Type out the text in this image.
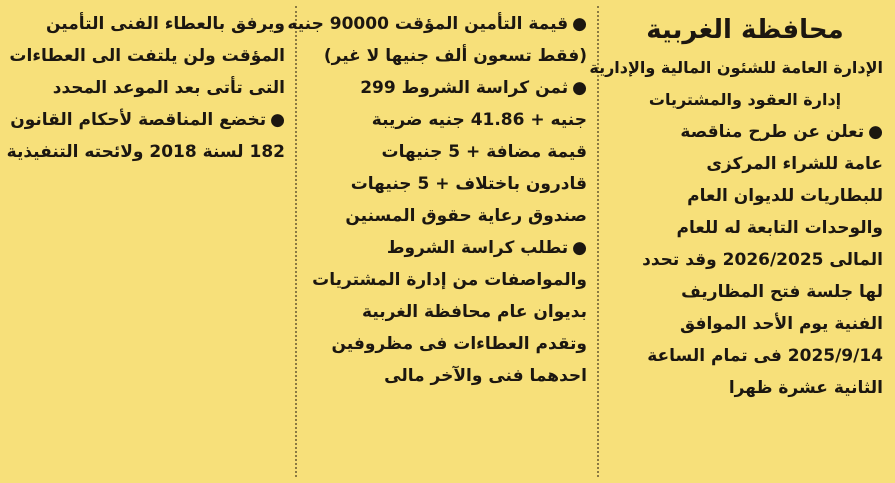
محافظة الغربية
الإدارة العامة للشئون المالية والإدارية
إدارة العقود والمشتريات
●تعلن عن طرح مناقصة
عامة للشراء المركزى
للبطاريات للديوان العام
والوحدات التابعة له للعام
المالى 2026/2025 وقد تحدد
لها جلسة فتح المظاريف
الفنية يوم الأحد الموافق
2025/9/14 فى تمام الساعة
الثانية عشرة ظهرا
●قيمة التأمين المؤقت 90000 جنيه
(فقط تسعون ألف جنيها لا غير)
●ثمن كراسة الشروط 299
جنيه + 41.86 جنيه ضريبة
قيمة مضافة + 5 جنيهات
قادرون باختلاف + 5 جنيهات
صندوق رعاية حقوق المسنين
●تطلب كراسة الشروط
والمواصفات من إدارة المشتريات
بديوان عام محافظة الغربية
وتقدم العطاءات فى مظروفين
احدهما فنى والآخر مالى
ويرفق بالعطاء الفنى التأمين
المؤقت ولن يلتفت الى العطاءات
التى تأتى بعد الموعد المحدد
●تخضع المناقصة لأحكام القانون
182 لسنة 2018 ولائحته التنفيذية
